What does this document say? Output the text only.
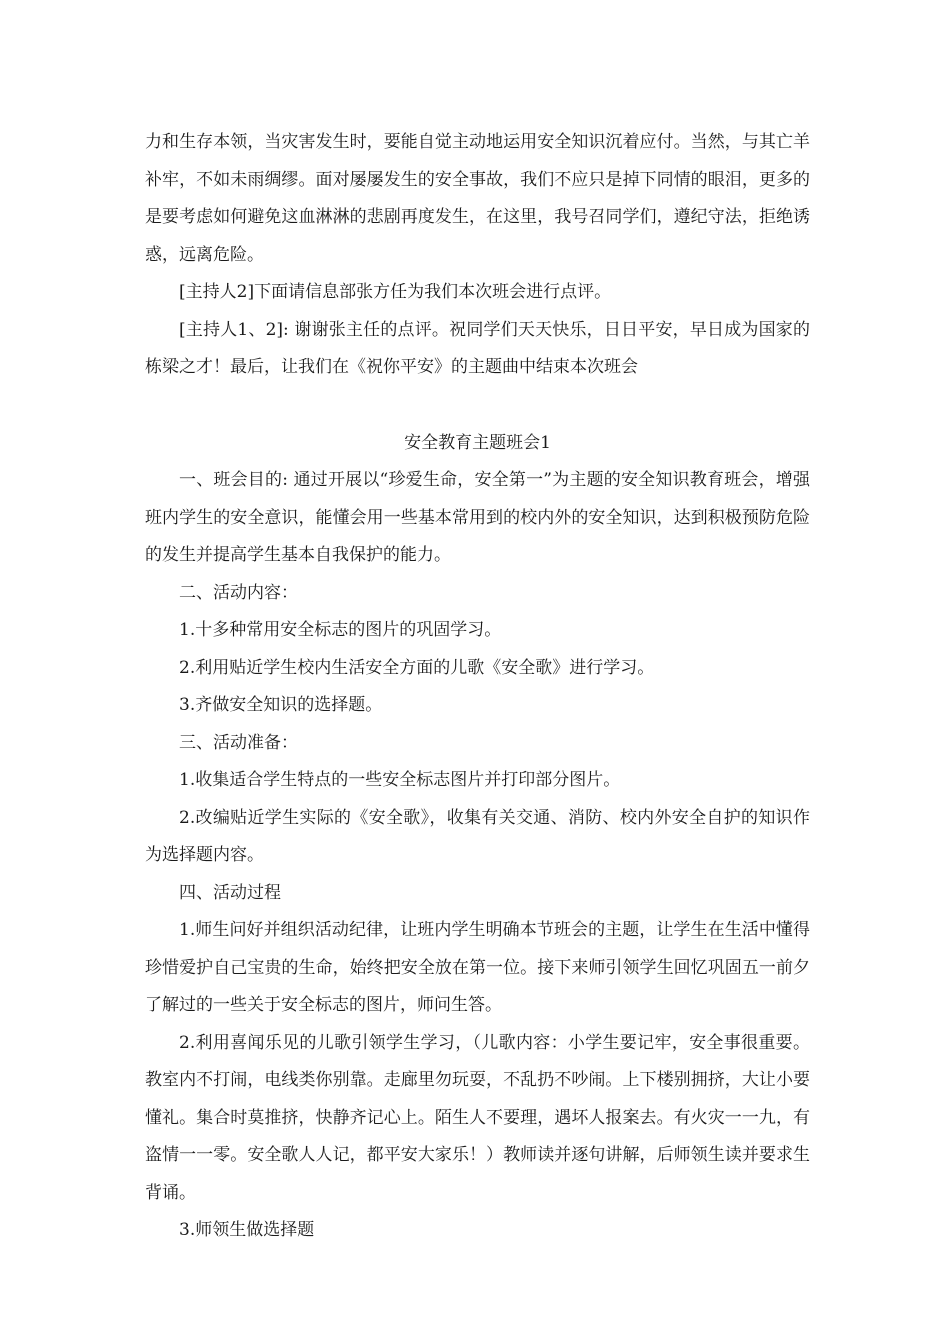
力和生存本领，当灾害发生时，要能自觉主动地运用安全知识沉着应付。当然，与其亡羊补牢，不如未雨绸缪。面对屡屡发生的安全事故，我们不应只是掉下同情的眼泪，更多的是要考虑如何避免这血淋淋的悲剧再度发生，在这里，我号召同学们，遵纪守法，拒绝诱惑，远离危险。

[主持人2]下面请信息部张方任为我们本次班会进行点评。

[主持人1、2]: 谢谢张主任的点评。祝同学们天天快乐，日日平安，早日成为国家的栋梁之才！最后，让我们在《祝你平安》的主题曲中结束本次班会

安全教育主题班会1

一、班会目的: 通过开展以“珍爱生命，安全第一”为主题的安全知识教育班会，增强班内学生的安全意识，能懂会用一些基本常用到的校内外的安全知识，达到积极预防危险的发生并提高学生基本自我保护的能力。

二、活动内容：

1.十多种常用安全标志的图片的巩固学习。

2.利用贴近学生校内生活安全方面的儿歌《安全歌》进行学习。

3.齐做安全知识的选择题。

三、活动准备：

1.收集适合学生特点的一些安全标志图片并打印部分图片。

2.改编贴近学生实际的《安全歌》，收集有关交通、消防、校内外安全自护的知识作为选择题内容。

四、活动过程

1.师生问好并组织活动纪律，让班内学生明确本节班会的主题，让学生在生活中懂得珍惜爱护自己宝贵的生命，始终把安全放在第一位。接下来师引领学生回忆巩固五一前夕了解过的一些关于安全标志的图片，师问生答。

2.利用喜闻乐见的儿歌引领学生学习，（儿歌内容：小学生要记牢，安全事很重要。教室内不打闹，电线类你别靠。走廊里勿玩耍，不乱扔不吵闹。上下楼别拥挤，大让小要懂礼。集合时莫推挤，快静齐记心上。陌生人不要理，遇坏人报案去。有火灾一一九，有盗情一一零。安全歌人人记，都平安大家乐！）教师读并逐句讲解，后师领生读并要求生背诵。

3.师领生做选择题
